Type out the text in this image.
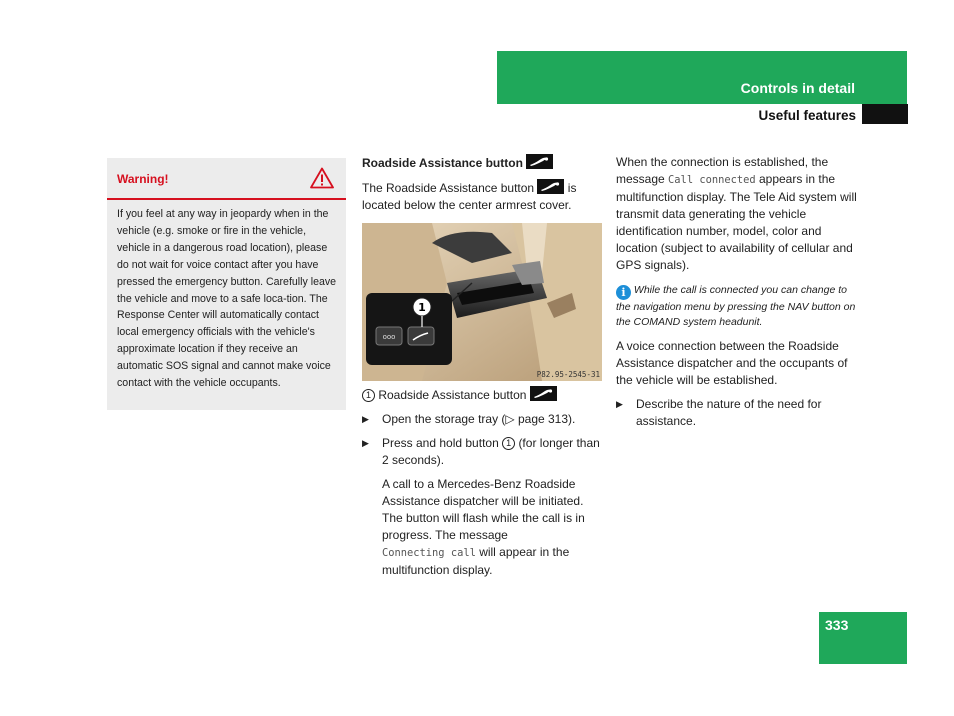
Controls in detail
Useful features
Warning!
If you feel at any way in jeopardy when in the vehicle (e.g. smoke or fire in the vehicle, vehicle in a dangerous road location), please do not wait for voice contact after you have pressed the emergency button. Carefully leave the vehicle and move to a safe loca-tion. The Response Center will automatically contact local emergency officials with the vehicle's approximate location if they receive an automatic SOS signal and cannot make voice contact with the vehicle occupants.
Roadside Assistance button

The Roadside Assistance button	is located below the center armrest cover.

ooo
1
P82.95-2545-31

1 Roadside Assistance button

▶	Open the storage tray (▷ page 313).

▶	Press and hold button 1 (for longer than 2 seconds).

A call to a Mercedes-Benz Roadside Assistance dispatcher will be initiated. The button will flash while the call is in progress. The message
Connecting call will appear in the multifunction display.

When the connection is established, the message Call connected appears in the multifunction display. The Tele Aid system will transmit data generating the vehicle identification number, model, color and location (subject to availability of cellular and GPS signals).

i While the call is connected you can change to the navigation menu by pressing the NAV button on the COMAND system headunit.

A voice connection between the Roadside Assistance dispatcher and the occupants of the vehicle will be established.

▶	Describe the nature of the need for assistance.

333
